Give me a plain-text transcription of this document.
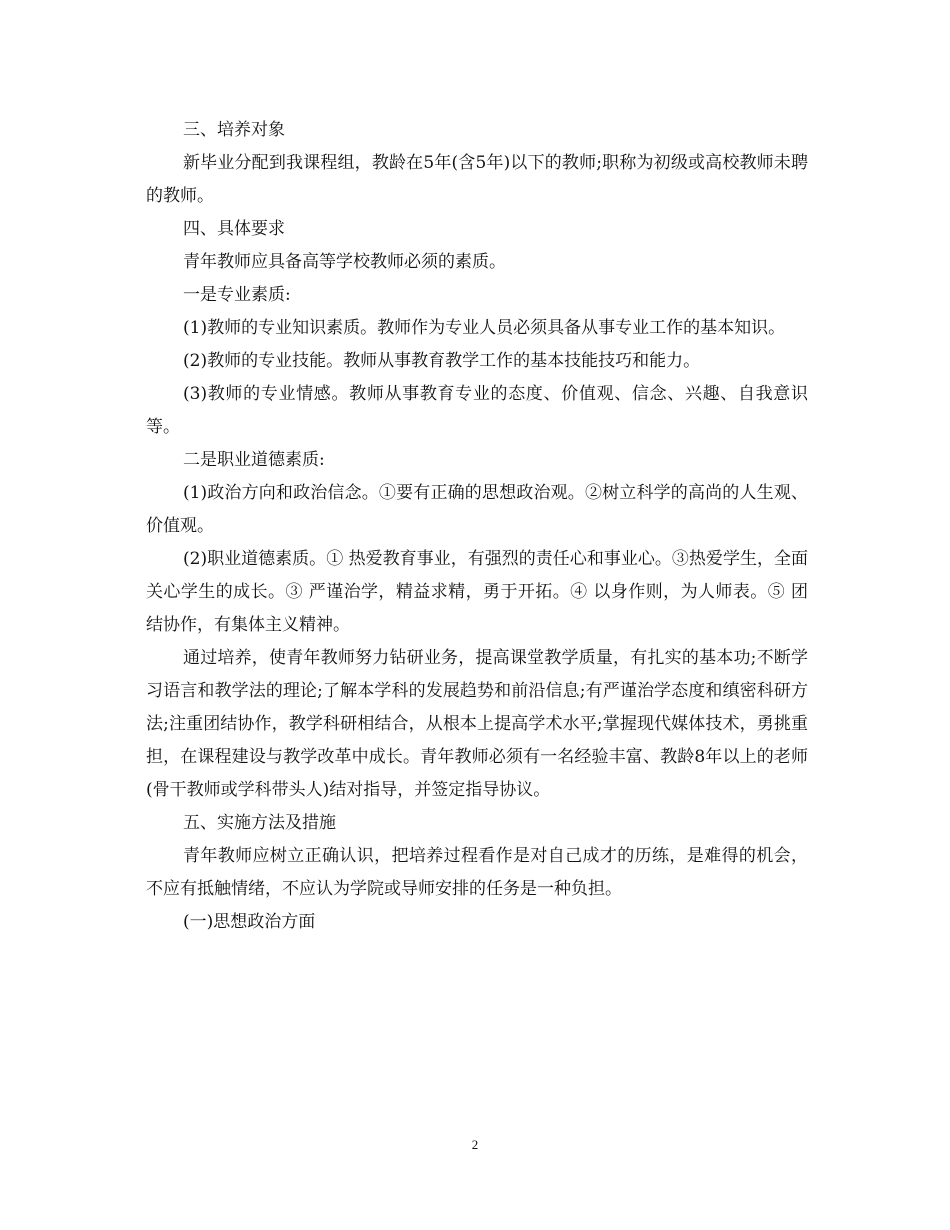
三、培养对象

新毕业分配到我课程组，教龄在5年(含5年)以下的教师;职称为初级或高校教师未聘的教师。

四、具体要求

青年教师应具备高等学校教师必须的素质。

一是专业素质:

(1)教师的专业知识素质。教师作为专业人员必须具备从事专业工作的基本知识。

(2)教师的专业技能。教师从事教育教学工作的基本技能技巧和能力。

(3)教师的专业情感。教师从事教育专业的态度、价值观、信念、兴趣、自我意识等。

二是职业道德素质:

(1)政治方向和政治信念。①要有正确的思想政治观。②树立科学的高尚的人生观、价值观。

(2)职业道德素质。① 热爱教育事业，有强烈的责任心和事业心。③热爱学生，全面关心学生的成长。③ 严谨治学，精益求精，勇于开拓。④ 以身作则，为人师表。⑤ 团结协作，有集体主义精神。

通过培养，使青年教师努力钻研业务，提高课堂教学质量，有扎实的基本功;不断学习语言和教学法的理论;了解本学科的发展趋势和前沿信息;有严谨治学态度和缜密科研方法;注重团结协作，教学科研相结合，从根本上提高学术水平;掌握现代媒体技术，勇挑重担，在课程建设与教学改革中成长。青年教师必须有一名经验丰富、教龄8年以上的老师(骨干教师或学科带头人)结对指导，并签定指导协议。

五、实施方法及措施

青年教师应树立正确认识，把培养过程看作是对自己成才的历练，是难得的机会，不应有抵触情绪，不应认为学院或导师安排的任务是一种负担。

(一)思想政治方面

2
